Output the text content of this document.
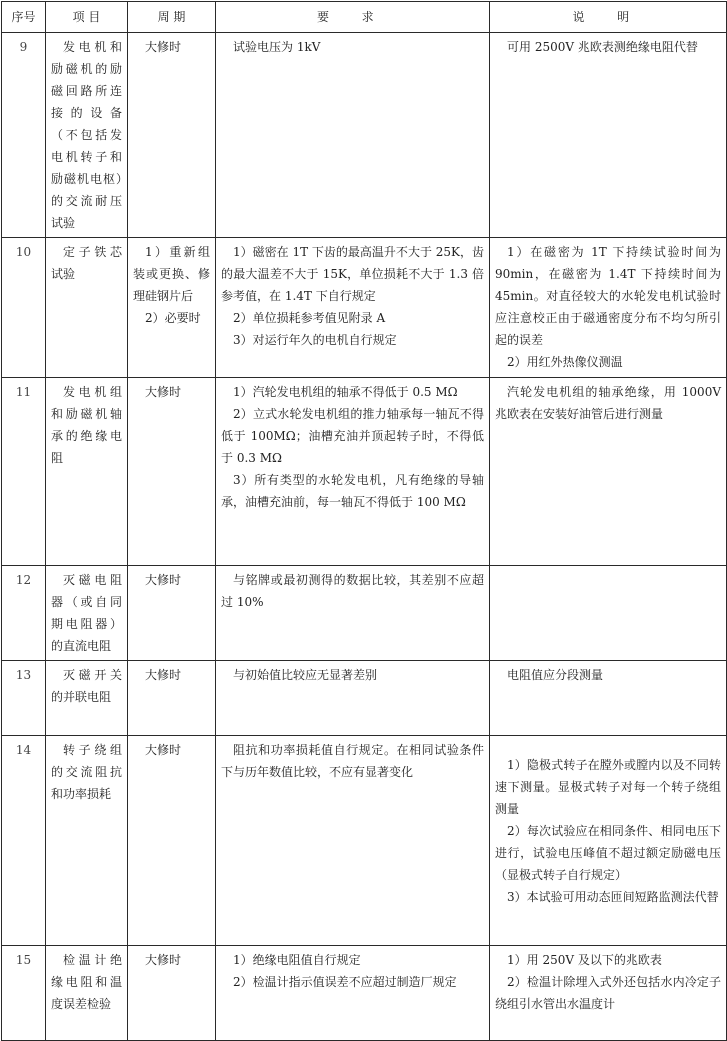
序号	项 目	周 期	要 求	说 明
9	发电机和励磁机的励磁回路所连接的设备（不包括发电机转子和励磁机电枢）的交流耐压试验	大修时	试验电压为 1kV	可用 2500V 兆欧表测绝缘电阻代替

10	定子铁芯试验	1）重新组装或更换、修理硅钢片后
2）必要时	1）磁密在 1T 下齿的最高温升不大于 25K，齿的最大温差不大于 15K，单位损耗不大于 1.3 倍参考值，在 1.4T 下自行规定
2）单位损耗参考值见附录 A
3）对运行年久的电机自行规定	1）在磁密为 1T 下持续试验时间为 90min，在磁密为 1.4T 下持续时间为 45min。对直径较大的水轮发电机试验时应注意校正由于磁通密度分布不均匀所引起的误差
2）用红外热像仪测温

11	发电机组和励磁机轴承的绝缘电阻	大修时	1）汽轮发电机组的轴承不得低于 0.5 MΩ
2）立式水轮发电机组的推力轴承每一轴瓦不得低于 100MΩ；油槽充油并顶起转子时，不得低于 0.3 MΩ
3）所有类型的水轮发电机，凡有绝缘的导轴承，油槽充油前，每一轴瓦不得低于 100 MΩ	汽轮发电机组的轴承绝缘，用 1000V 兆欧表在安装好油管后进行测量

12	灭磁电阻器（或自同期电阻器）的直流电阻	大修时	与铭牌或最初测得的数据比较，其差别不应超过 10%	

13	灭磁开关的并联电阻	大修时	与初始值比较应无显著差别	电阻值应分段测量

14	转子绕组的交流阻抗和功率损耗	大修时	阻抗和功率损耗值自行规定。在相同试验条件下与历年数值比较，不应有显著变化	1）隐极式转子在膛外或膛内以及不同转速下测量。显极式转子对每一个转子绕组测量
2）每次试验应在相同条件、相同电压下进行，试验电压峰值不超过额定励磁电压（显极式转子自行规定）
3）本试验可用动态匝间短路监测法代替

15	检温计绝缘电阻和温度误差检验	大修时	1）绝缘电阻值自行规定
2）检温计指示值误差不应超过制造厂规定	1）用 250V 及以下的兆欧表
2）检温计除埋入式外还包括水内冷定子绕组引水管出水温度计
